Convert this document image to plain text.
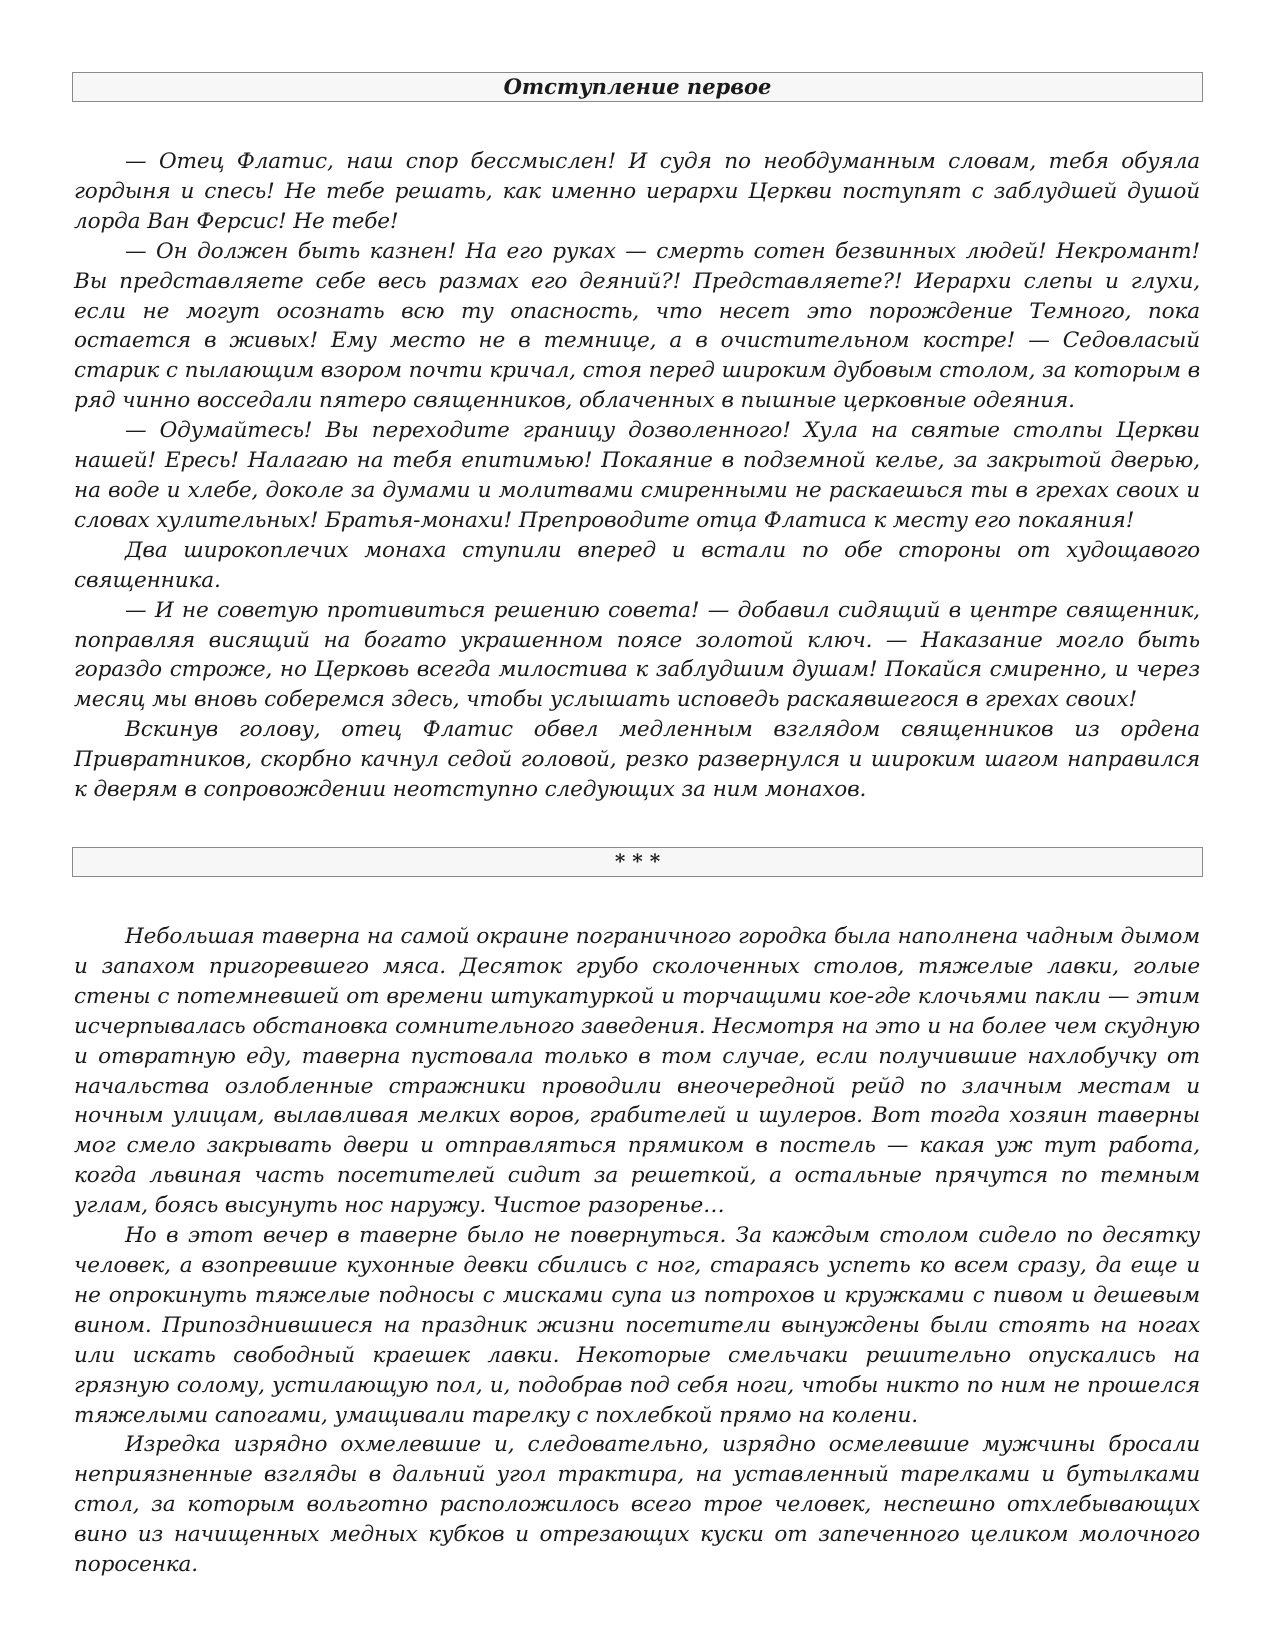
Отступление первое

— Отец Флатис, наш спор бессмыслен! И судя по необдуманным словам, тебя обуяла гордыня и спесь! Не тебе решать, как именно иерархи Церкви поступят с заблудшей душой лорда Ван Ферсис! Не тебе!

— Он должен быть казнен! На его руках — смерть сотен безвинных людей! Некромант! Вы представляете себе весь размах его деяний?! Представляете?! Иерархи слепы и глухи, если не могут осознать всю ту опасность, что несет это порождение Темного, пока остается в живых! Ему место не в темнице, а в очистительном костре! — Седовласый старик с пылающим взором почти кричал, стоя перед широким дубовым столом, за которым в ряд чинно восседали пятеро священников, облаченных в пышные церковные одеяния.

— Одумайтесь! Вы переходите границу дозволенного! Хула на святые столпы Церкви нашей! Ересь! Налагаю на тебя епитимью! Покаяние в подземной келье, за закрытой дверью, на воде и хлебе, доколе за думами и молитвами смиренными не раскаешься ты в грехах своих и словах хулительных! Братья-монахи! Препроводите отца Флатиса к месту его покаяния!

Два широкоплечих монаха ступили вперед и встали по обе стороны от худощавого священника.

— И не советую противиться решению совета! — добавил сидящий в центре священник, поправляя висящий на богато украшенном поясе золотой ключ. — Наказание могло быть гораздо строже, но Церковь всегда милостива к заблудшим душам! Покайся смиренно, и через месяц мы вновь соберемся здесь, чтобы услышать исповедь раскаявшегося в грехах своих!

Вскинув голову, отец Флатис обвел медленным взглядом священников из ордена Привратников, скорбно качнул седой головой, резко развернулся и широким шагом направился к дверям в сопровождении неотступно следующих за ним монахов.

* * *

Небольшая таверна на самой окраине пограничного городка была наполнена чадным дымом и запахом пригоревшего мяса. Десяток грубо сколоченных столов, тяжелые лавки, голые стены с потемневшей от времени штукатуркой и торчащими кое-где клочьями пакли — этим исчерпывалась обстановка сомнительного заведения. Несмотря на это и на более чем скудную и отвратную еду, таверна пустовала только в том случае, если получившие нахлобучку от начальства озлобленные стражники проводили внеочередной рейд по злачным местам и ночным улицам, вылавливая мелких воров, грабителей и шулеров. Вот тогда хозяин таверны мог смело закрывать двери и отправляться прямиком в постель — какая уж тут работа, когда львиная часть посетителей сидит за решеткой, а остальные прячутся по темным углам, боясь высунуть нос наружу. Чистое разоренье…

Но в этот вечер в таверне было не повернуться. За каждым столом сидело по десятку человек, а взопревшие кухонные девки сбились с ног, стараясь успеть ко всем сразу, да еще и не опрокинуть тяжелые подносы с мисками супа из потрохов и кружками с пивом и дешевым вином. Припозднившиеся на праздник жизни посетители вынуждены были стоять на ногах или искать свободный краешек лавки. Некоторые смельчаки решительно опускались на грязную солому, устилающую пол, и, подобрав под себя ноги, чтобы никто по ним не прошелся тяжелыми сапогами, умащивали тарелку с похлебкой прямо на колени.

Изредка изрядно охмелевшие и, следовательно, изрядно осмелевшие мужчины бросали неприязненные взгляды в дальний угол трактира, на уставленный тарелками и бутылками стол, за которым вольготно расположилось всего трое человек, неспешно отхлебывающих вино из начищенных медных кубков и отрезающих куски от запеченного целиком молочного поросенка.
